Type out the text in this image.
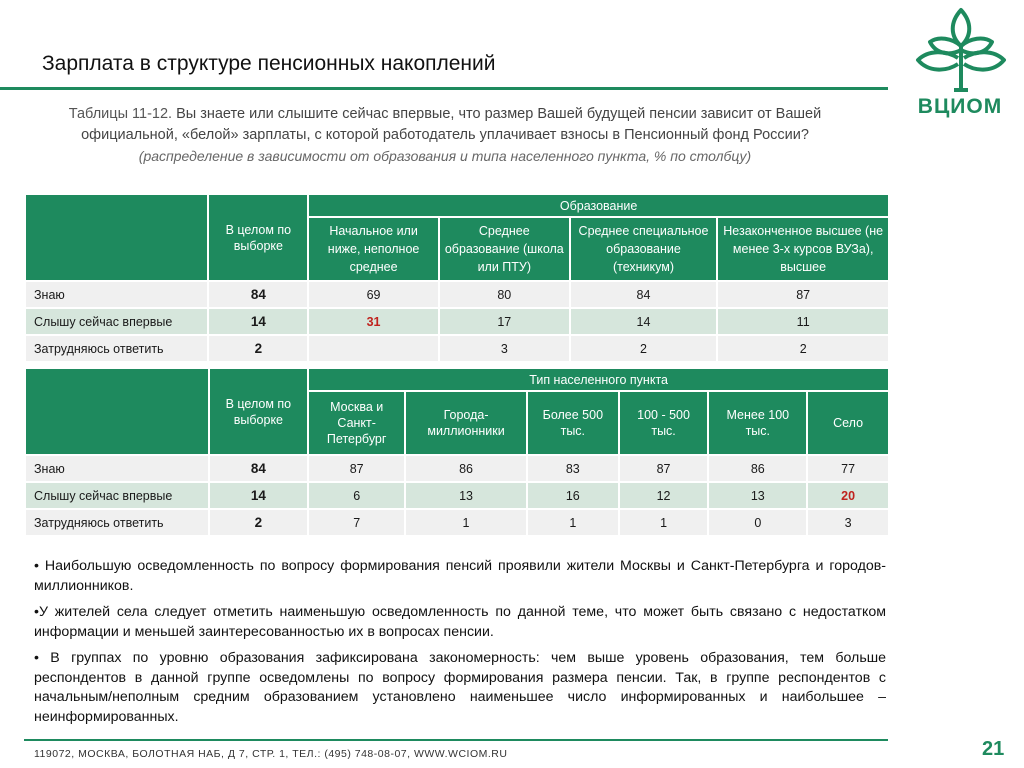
Зарплата в структуре пенсионных накоплений
ВЦИОМ
Таблицы 11-12. Вы знаете или слышите сейчас впервые, что размер Вашей будущей пенсии зависит от Вашей официальной, «белой» зарплаты, с которой работодатель уплачивает взносы в Пенсионный фонд России?
(распределение в зависимости от образования и типа населенного пункта, % по столбцу)
	В целом по выборке	Образование			
		Начальное или ниже, неполное среднее	Среднее образование (школа или ПТУ)	Среднее специальное образование (техникум)	Незаконченное высшее (не менее 3-х курсов ВУЗа), высшее
Знаю	84	69	80	84	87
Слышу сейчас впервые	14	31	17	14	11
Затрудняюсь ответить	2		3	2	2
	В целом по выборке	Тип населенного пункта					
		Москва и Санкт-Петербург	Города-миллионники	Более 500 тыс.	100 - 500 тыс.	Менее 100 тыс.	Село
Знаю	84	87	86	83	87	86	77
Слышу сейчас впервые	14	6	13	16	12	13	20
Затрудняюсь ответить	2	7	1	1	1	0	3

• Наибольшую осведомленность по вопросу формирования пенсий проявили жители Москвы и Санкт-Петербурга и городов-миллионников.

•У жителей села следует отметить наименьшую осведомленность по данной теме, что может быть связано с недостатком информации и меньшей заинтересованностью их в вопросах пенсии.

• В группах по уровню образования зафиксирована закономерность: чем выше уровень образования, тем больше респондентов в данной группе осведомлены по вопросу формирования размера пенсии. Так, в группе респондентов с начальным/неполным средним образованием установлено наименьшее число информированных и наибольшее – неинформированных.

119072, МОСКВА, БОЛОТНАЯ НАБ, Д 7, СТР. 1, ТЕЛ.: (495) 748-08-07, WWW.WCIOM.RU	21
